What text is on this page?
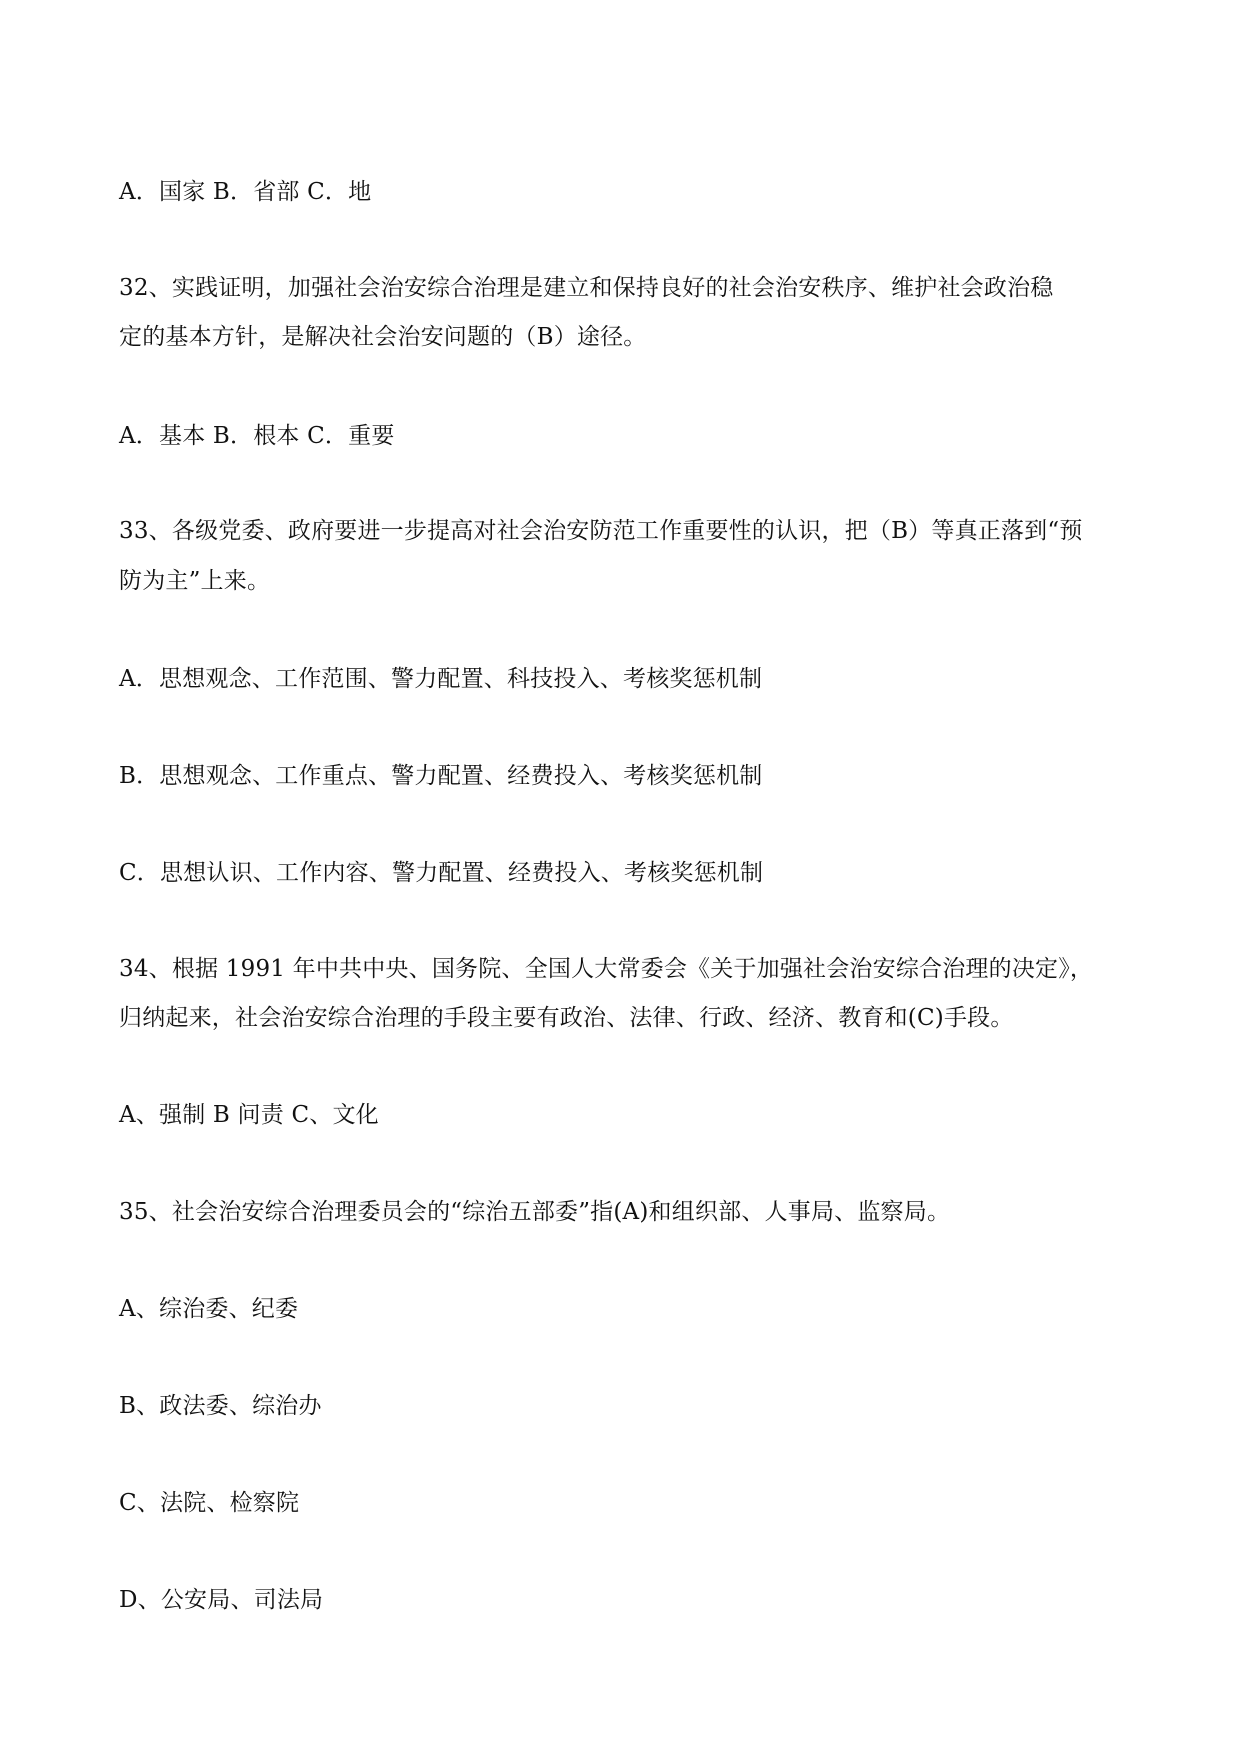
A．国家 B．省部 C．地
32、实践证明，加强社会治安综合治理是建立和保持良好的社会治安秩序、维护社会政治稳
定的基本方针，是解决社会治安问题的（B）途径。
A．基本 B．根本 C．重要
33、各级党委、政府要进一步提高对社会治安防范工作重要性的认识，把（B）等真正落到“预
防为主”上来。
A．思想观念、工作范围、警力配置、科技投入、考核奖惩机制
B．思想观念、工作重点、警力配置、经费投入、考核奖惩机制
C．思想认识、工作内容、警力配置、经费投入、考核奖惩机制
34、根据 1991 年中共中央、国务院、全国人大常委会《关于加强社会治安综合治理的决定》，
归纳起来，社会治安综合治理的手段主要有政治、法律、行政、经济、教育和(C)手段。
A、强制 B 问责 C、文化
35、社会治安综合治理委员会的“综治五部委”指(A)和组织部、人事局、监察局。
A、综治委、纪委
B、政法委、综治办
C、法院、检察院
D、公安局、司法局
